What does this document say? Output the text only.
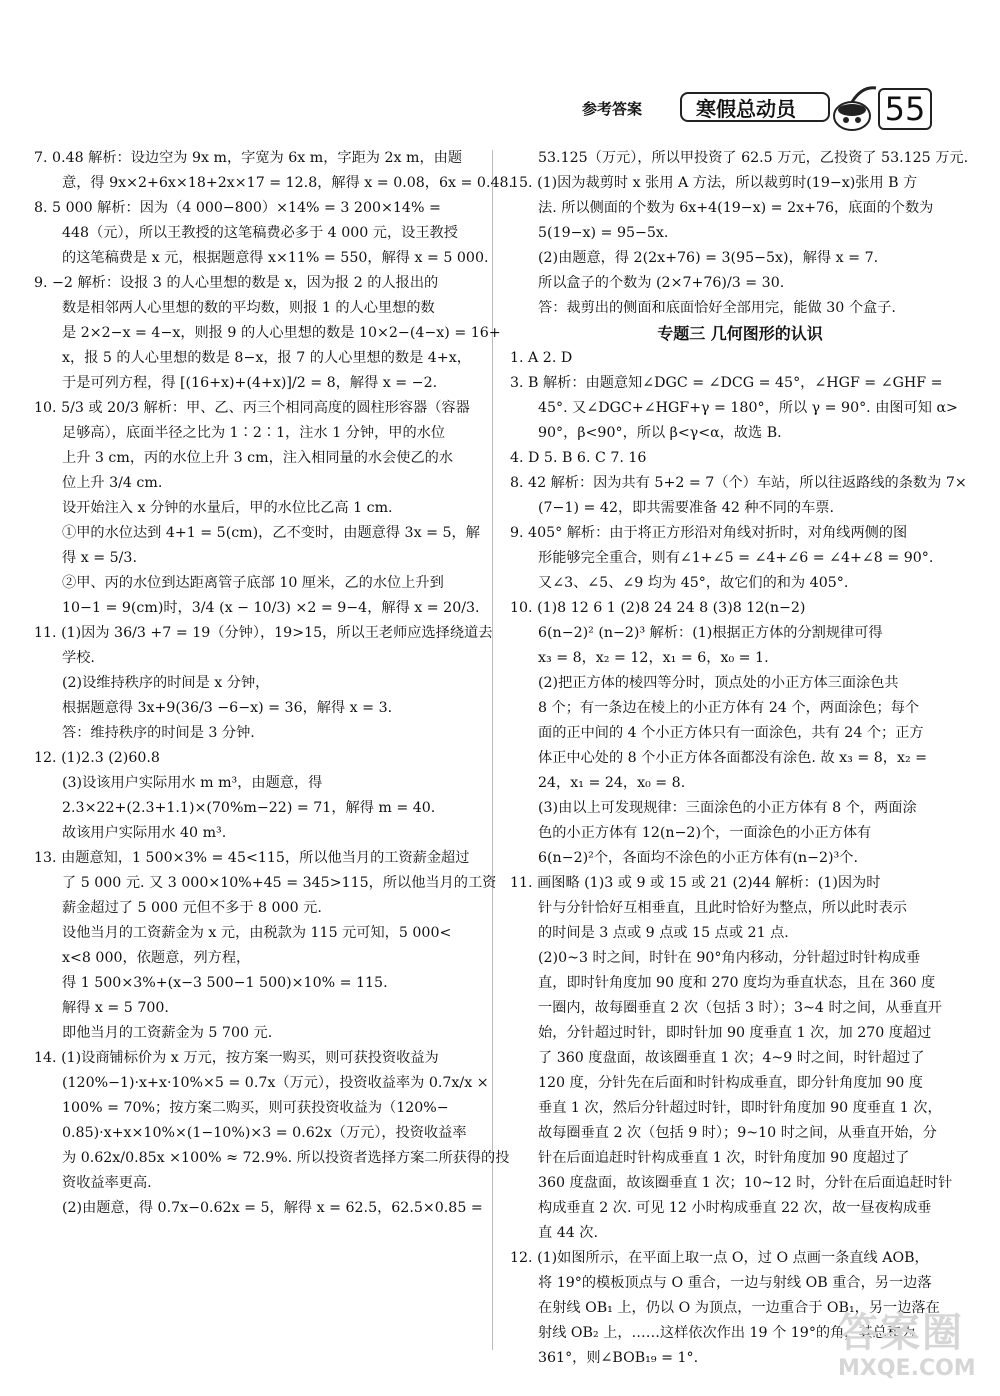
参考答案	寒假总动员	55

7. 0.48 解析：设边空为 9x m，字宽为 6x m，字距为 2x m，由题

意，得 9x×2+6x×18+2x×17 = 12.8，解得 x = 0.08，6x = 0.48.

8. 5 000 解析：因为（4 000−800）×14% = 3 200×14% =

448（元），所以王教授的这笔稿费必多于 4 000 元，设王教授

的这笔稿费是 x 元，根据题意得 x×11% = 550，解得 x = 5 000.

9. −2 解析：设报 3 的人心里想的数是 x，因为报 2 的人报出的

数是相邻两人心里想的数的平均数，则报 1 的人心里想的数

是 2×2−x = 4−x，则报 9 的人心里想的数是 10×2−(4−x) = 16+

x，报 5 的人心里想的数是 8−x，报 7 的人心里想的数是 4+x，

于是可列方程，得 [(16+x)+(4+x)]/2 = 8，解得 x = −2.

10. 5/3 或 20/3 解析：甲、乙、丙三个相同高度的圆柱形容器（容器

足够高），底面半径之比为 1∶2∶1，注水 1 分钟，甲的水位

上升 3 cm，丙的水位上升 3 cm，注入相同量的水会使乙的水

位上升 3/4 cm.

设开始注入 x 分钟的水量后，甲的水位比乙高 1 cm.

①甲的水位达到 4+1 = 5(cm)，乙不变时，由题意得 3x = 5，解

得 x = 5/3.

②甲、丙的水位到达距离管子底部 10 厘米，乙的水位上升到

10−1 = 9(cm)时，3/4 (x − 10/3) ×2 = 9−4，解得 x = 20/3.

11. (1)因为 36/3 +7 = 19（分钟），19>15，所以王老师应选择绕道去

学校.

(2)设维持秩序的时间是 x 分钟，

根据题意得 3x+9(36/3 −6−x) = 36，解得 x = 3.

答：维持秩序的时间是 3 分钟.

12. (1)2.3 (2)60.8

(3)设该用户实际用水 m m³，由题意，得

2.3×22+(2.3+1.1)×(70%m−22) = 71，解得 m = 40.

故该用户实际用水 40 m³.

13. 由题意知，1 500×3% = 45<115，所以他当月的工资薪金超过

了 5 000 元. 又 3 000×10%+45 = 345>115，所以他当月的工资

薪金超过了 5 000 元但不多于 8 000 元.

设他当月的工资薪金为 x 元，由税款为 115 元可知，5 000<

x<8 000，依题意，列方程，

得 1 500×3%+(x−3 500−1 500)×10% = 115.

解得 x = 5 700.

即他当月的工资薪金为 5 700 元.

14. (1)设商铺标价为 x 万元，按方案一购买，则可获投资收益为

(120%−1)·x+x·10%×5 = 0.7x（万元），投资收益率为 0.7x/x ×

100% = 70%；按方案二购买，则可获投资收益为（120%−

0.85)·x+x×10%×(1−10%)×3 = 0.62x（万元），投资收益率

为 0.62x/0.85x ×100% ≈ 72.9%. 所以投资者选择方案二所获得的投

资收益率更高.

(2)由题意，得 0.7x−0.62x = 5，解得 x = 62.5，62.5×0.85 =

53.125（万元），所以甲投资了 62.5 万元，乙投资了 53.125 万元.

15. (1)因为裁剪时 x 张用 A 方法，所以裁剪时(19−x)张用 B 方

法. 所以侧面的个数为 6x+4(19−x) = 2x+76，底面的个数为

5(19−x) = 95−5x.

(2)由题意，得 2(2x+76) = 3(95−5x)，解得 x = 7.

所以盒子的个数为 (2×7+76)/3 = 30.

答：裁剪出的侧面和底面恰好全部用完，能做 30 个盒子.

专题三 几何图形的认识

1. A 2. D

3. B 解析：由题意知∠DGC = ∠DCG = 45°，∠HGF = ∠GHF =

45°. 又∠DGC+∠HGF+γ = 180°，所以 γ = 90°. 由图可知 α>

90°，β<90°，所以 β<γ<α，故选 B.

4. D 5. B 6. C 7. 16

8. 42 解析：因为共有 5+2 = 7（个）车站，所以往返路线的条数为 7×

(7−1) = 42，即共需要准备 42 种不同的车票.

9. 405° 解析：由于将正方形沿对角线对折时，对角线两侧的图

形能够完全重合，则有∠1+∠5 = ∠4+∠6 = ∠4+∠8 = 90°.

又∠3、∠5、∠9 均为 45°，故它们的和为 405°.

10. (1)8 12 6 1 (2)8 24 24 8 (3)8 12(n−2)

6(n−2)² (n−2)³ 解析：(1)根据正方体的分割规律可得

x₃ = 8，x₂ = 12，x₁ = 6，x₀ = 1.

(2)把正方体的棱四等分时，顶点处的小正方体三面涂色共

8 个；有一条边在棱上的小正方体有 24 个，两面涂色；每个

面的正中间的 4 个小正方体只有一面涂色，共有 24 个；正方

体正中心处的 8 个小正方体各面都没有涂色. 故 x₃ = 8，x₂ =

24，x₁ = 24，x₀ = 8.

(3)由以上可发现规律：三面涂色的小正方体有 8 个，两面涂

色的小正方体有 12(n−2)个，一面涂色的小正方体有

6(n−2)²个，各面均不涂色的小正方体有(n−2)³个.

11. 画图略 (1)3 或 9 或 15 或 21 (2)44 解析：(1)因为时

针与分针恰好互相垂直，且此时恰好为整点，所以此时表示

的时间是 3 点或 9 点或 15 点或 21 点.

(2)0~3 时之间，时针在 90°角内移动，分针超过时针构成垂

直，即时针角度加 90 度和 270 度均为垂直状态，且在 360 度

一圈内，故每圈垂直 2 次（包括 3 时）；3~4 时之间，从垂直开

始，分针超过时针，即时针加 90 度垂直 1 次，加 270 度超过

了 360 度盘面，故该圈垂直 1 次；4~9 时之间，时针超过了

120 度，分针先在后面和时针构成垂直，即分针角度加 90 度

垂直 1 次，然后分针超过时针，即时针角度加 90 度垂直 1 次，

故每圈垂直 2 次（包括 9 时）；9~10 时之间，从垂直开始，分

针在后面追赶时针构成垂直 1 次，时针角度加 90 度超过了

360 度盘面，故该圈垂直 1 次；10~12 时，分针在后面追赶时针

构成垂直 2 次. 可见 12 小时构成垂直 22 次，故一昼夜构成垂

直 44 次.

12. (1)如图所示，在平面上取一点 O，过 O 点画一条直线 AOB，

将 19°的模板顶点与 O 重合，一边与射线 OB 重合，另一边落

在射线 OB₁ 上，仍以 O 为顶点，一边重合于 OB₁，另一边落在

射线 OB₂ 上，……这样依次作出 19 个 19°的角，其总和为

361°，则∠BOB₁₉ = 1°.

答案圈
MXQE.COM
